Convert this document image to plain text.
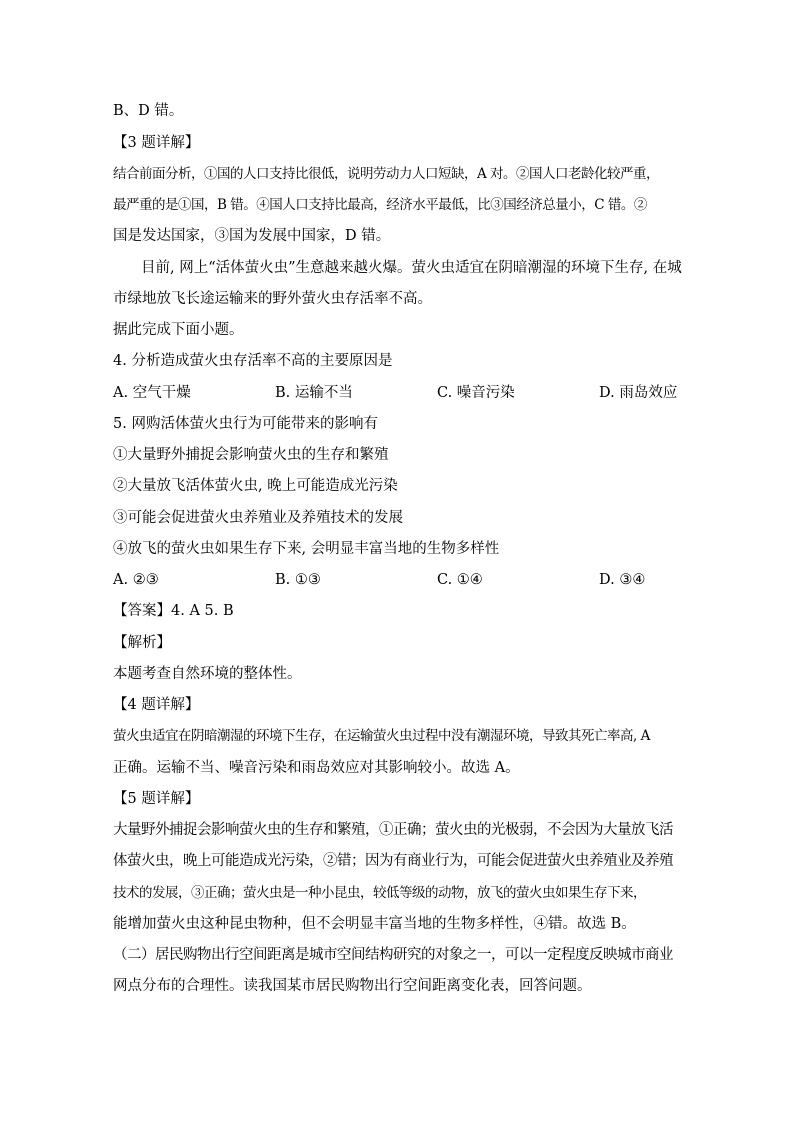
B、D 错。
【3 题详解】
结合前面分析，①国的人口支持比很低，说明劳动力人口短缺，A 对。②国人口老龄化较严重，
最严重的是①国，B 错。④国人口支持比最高，经济水平最低，比③国经济总量小，C 错。②
国是发达国家，③国为发展中国家，D 错。
目前, 网上“活体萤火虫”生意越来越火爆。萤火虫适宜在阴暗潮湿的环境下生存, 在城
市绿地放飞长途运输来的野外萤火虫存活率不高。
据此完成下面小题。
4. 分析造成萤火虫存活率不高的主要原因是
A. 空气干燥	B. 运输不当	C. 噪音污染	D. 雨岛效应
5. 网购活体萤火虫行为可能带来的影响有
①大量野外捕捉会影响萤火虫的生存和繁殖
②大量放飞活体萤火虫, 晚上可能造成光污染
③可能会促进萤火虫养殖业及养殖技术的发展
④放飞的萤火虫如果生存下来, 会明显丰富当地的生物多样性
A. ②③	B. ①③	C. ①④	D. ③④
【答案】4. A 5. B
【解析】
本题考查自然环境的整体性。
【4 题详解】
萤火虫适宜在阴暗潮湿的环境下生存，在运输萤火虫过程中没有潮湿环境，导致其死亡率高, A
正确。运输不当、噪音污染和雨岛效应对其影响较小。故选 A。
【5 题详解】
大量野外捕捉会影响萤火虫的生存和繁殖，①正确；萤火虫的光极弱，不会因为大量放飞活
体萤火虫，晚上可能造成光污染，②错；因为有商业行为，可能会促进萤火虫养殖业及养殖
技术的发展，③正确；萤火虫是一种小昆虫，较低等级的动物，放飞的萤火虫如果生存下来，
能增加萤火虫这种昆虫物种，但不会明显丰富当地的生物多样性，④错。故选 B。
（二）居民购物出行空间距离是城市空间结构研究的对象之一，可以一定程度反映城市商业
网点分布的合理性。读我国某市居民购物出行空间距离变化表，回答问题。
